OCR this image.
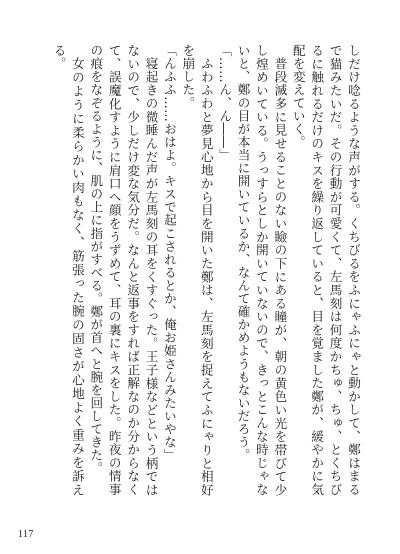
しだけ唸るような声がする。くちびるをふにゃふにゃと動かして、鄭はまるで猫みたいだ。その行動が可愛くて、左馬刻は何度かちゅ、ちゅ、とくちびるに触れるだけのキスを繰り返していると、目を覚ました鄭が、緩やかに気配を変えていく。

普段滅多に見せることのない瞼の下にある瞳が、朝の黄色い光を帯びて少し煌めいている。うっすらとしか開いていないので、きっとこんな時じゃないと、鄭の目が本当に開いているか、なんて確かめようもないだろう。

「……ん、ん――」

ふわふわと夢見心地から目を開いた鄭は、左馬刻を捉えてふにゃりと相好を崩した。

「んふふ……おはよ。キスで起こされるとか、俺お姫さんみたいやな」

寝起きの微睡んだ声が左馬刻の耳をくすぐった。王子様などという柄ではないので、少しだけ変な気分だ。なんと返事をすれば正解なのか分からなくて、誤魔化すように肩口へ顔をうずめて、耳の裏にキスをした。昨夜の情事の痕をなぞるように、肌の上に指がすべる。鄭が首へと腕を回してきた。

女のように柔らかい肉もなく、筋張った腕の固さが心地よく重みを訴える。

117
